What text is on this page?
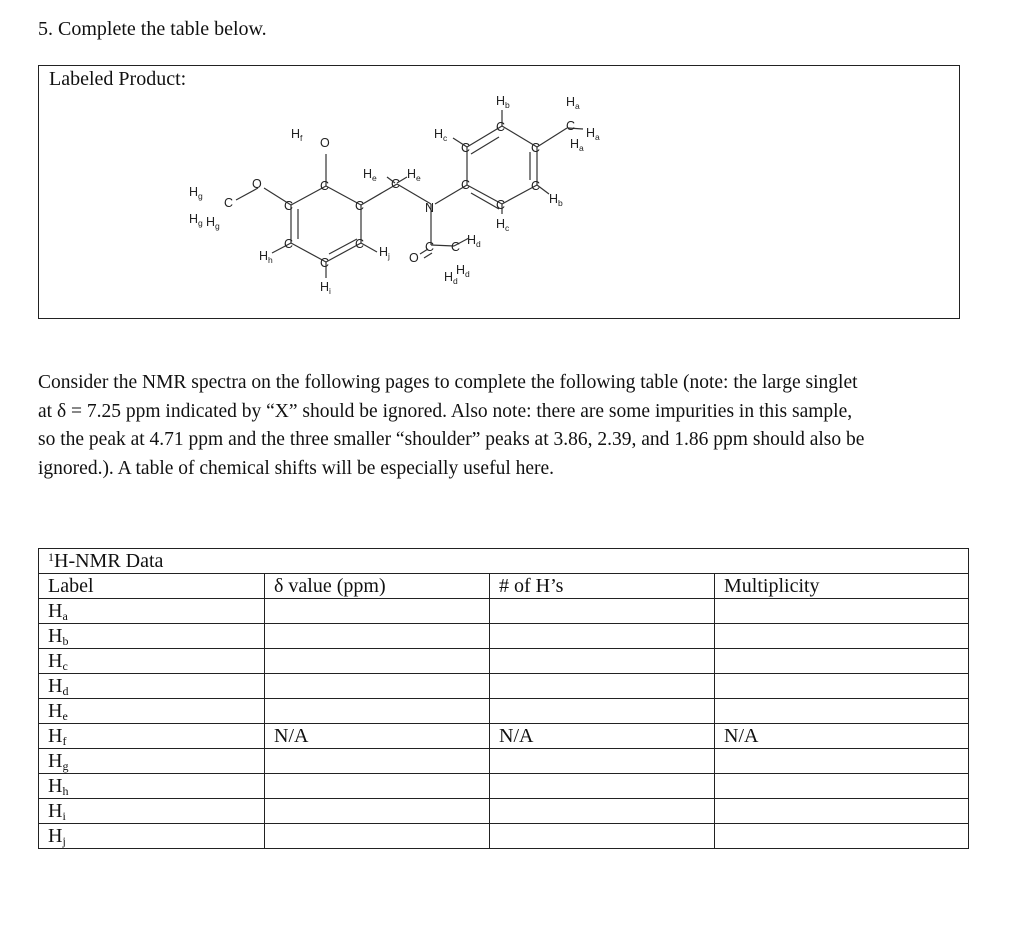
5. Complete the table below.
Labeled Product:
C
C
C
C
C
C
O
H f
O
C
H g
H g H g
H h
H i
H j
C
H e H e
N
C
O
C H d
H d
H d
C
C
H c
C
H b
C
C
C
H c
H b
C
H a
H a
H a
Consider the NMR spectra on the following pages to complete the following table (note: the large singlet
at δ = 7.25 ppm indicated by “X” should be ignored. Also note: there are some impurities in this sample,
so the peak at 4.71 ppm and the three smaller “shoulder” peaks at 3.86, 2.39, and 1.86 ppm should also be
ignored.). A table of chemical shifts will be especially useful here.
$^1$H-NMR Data			
Label	δ value (ppm)	# of H’s	Multiplicity
$H_a$			
$H_b$			
$H_c$			
$H_d$			
$H_e$			
$H_f$	N/A	N/A	N/A
$H_g$			
$H_h$			
$H_i$			
$H_j$			
